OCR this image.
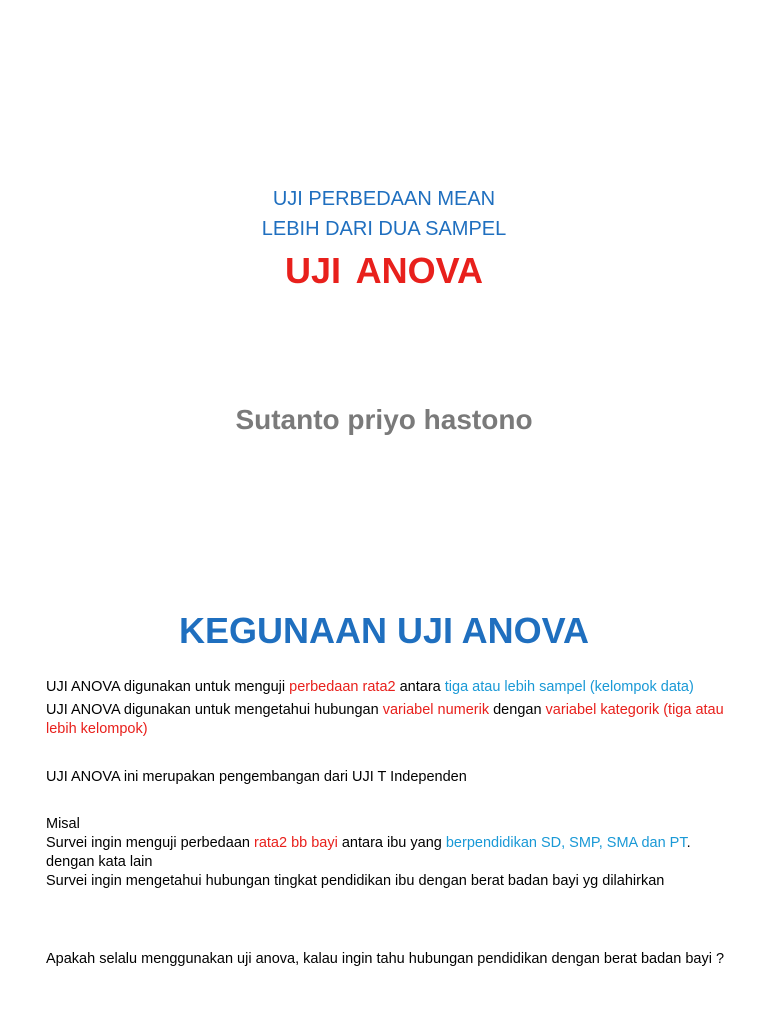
UJI PERBEDAAN MEAN
LEBIH DARI DUA SAMPEL
UJI ANOVA
Sutanto priyo hastono
KEGUNAAN UJI ANOVA
UJI ANOVA digunakan untuk menguji perbedaan rata2 antara tiga atau lebih sampel (kelompok data)
UJI ANOVA digunakan untuk mengetahui hubungan variabel numerik dengan variabel kategorik (tiga atau lebih kelompok)
UJI ANOVA ini merupakan pengembangan dari UJI T Independen
Misal
Survei ingin menguji perbedaan rata2 bb bayi antara ibu yang berpendidikan SD, SMP, SMA dan PT.
dengan kata lain
Survei ingin mengetahui hubungan tingkat pendidikan ibu dengan berat badan bayi yg dilahirkan
Apakah selalu menggunakan uji anova, kalau ingin tahu hubungan pendidikan dengan berat badan bayi ?
